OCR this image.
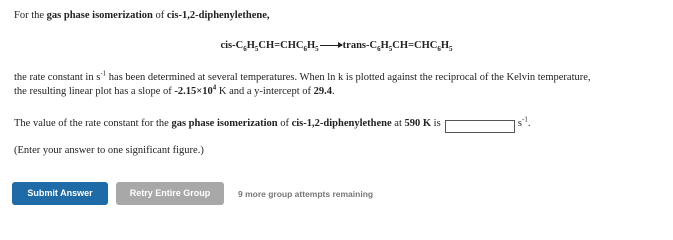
For the gas phase isomerization of cis-1,2-diphenylethene,
cis-$C_6H_5CH=CHC_6H_5\to trans-C_6H_5CH=CHC_6H_5$
the rate constant in $s^{-1}$ has been determined at several temperatures. When ln k is plotted against the reciprocal of the Kelvin temperature,
the resulting linear plot has a slope of $-2.15\times 10^4$ K and a y-intercept of 29.4.
The value of the rate constant for the gas phase isomerization of cis-1,2-diphenylethene at 590 K is	$s^{-1}$.
(Enter your answer to one significant figure.)
Submit Answer	Retry Entire Group	9 more group attempts remaining
